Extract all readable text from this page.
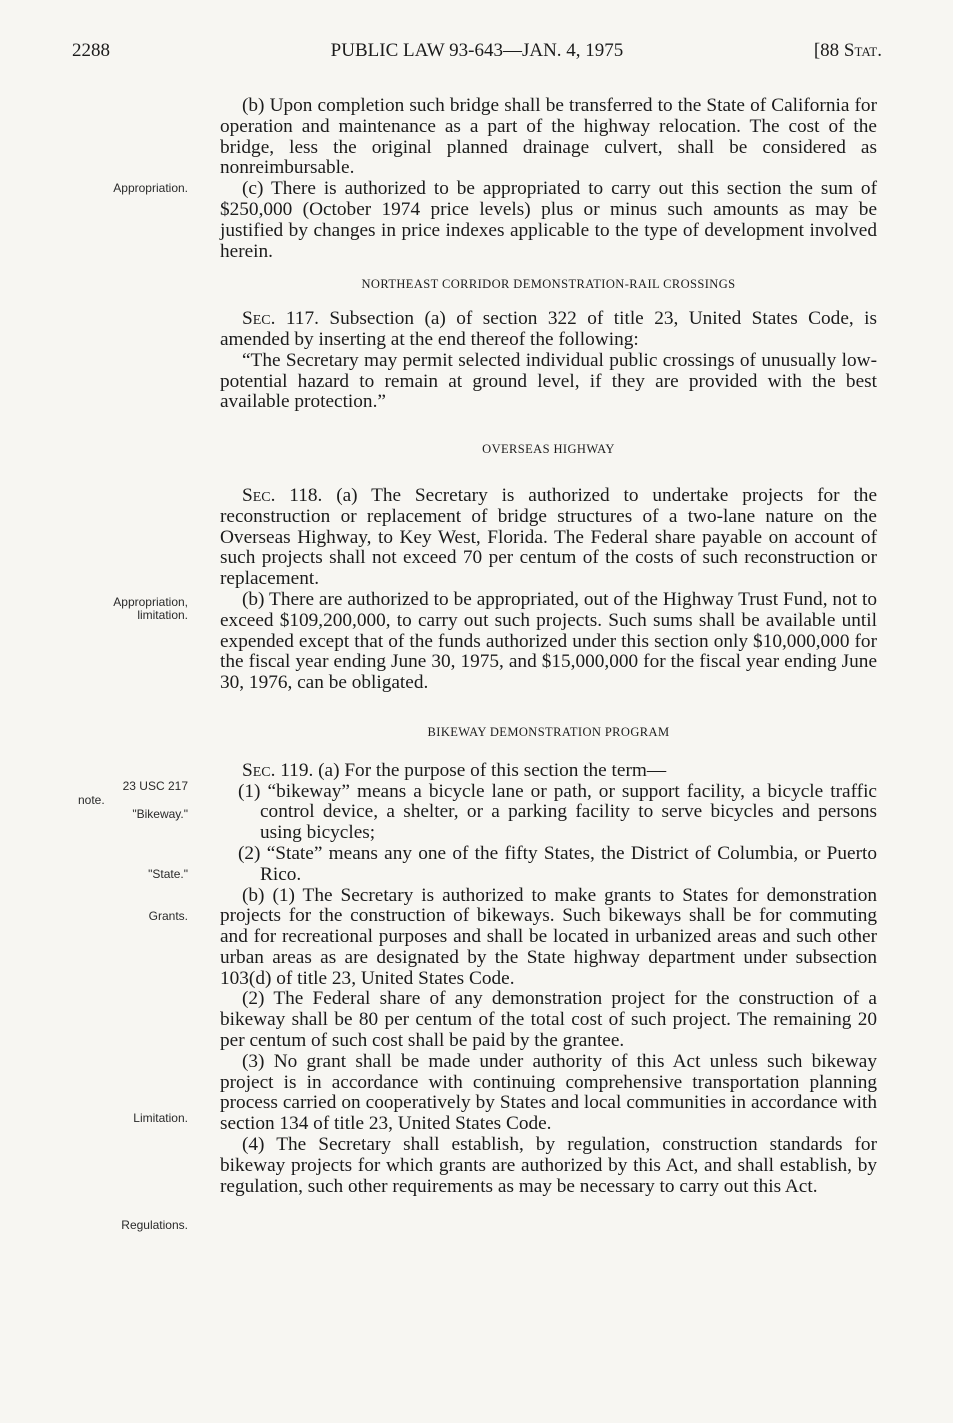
2288	PUBLIC LAW 93-643—JAN. 4, 1975	[88 Stat.
Appropriation.
Appropriation, limitation.
23 USC 217
note.
"Bikeway."
"State."
Grants.
Limitation.
Regulations.

(b) Upon completion such bridge shall be transferred to the State of California for operation and maintenance as a part of the highway relocation. The cost of the bridge, less the original planned drainage culvert, shall be considered as nonreimbursable.

(c) There is authorized to be appropriated to carry out this section the sum of $250,000 (October 1974 price levels) plus or minus such amounts as may be justified by changes in price indexes applicable to the type of development involved herein.

NORTHEAST CORRIDOR DEMONSTRATION-RAIL CROSSINGS

Sec. 117. Subsection (a) of section 322 of title 23, United States Code, is amended by inserting at the end thereof the following:

“The Secretary may permit selected individual public crossings of unusually low-potential hazard to remain at ground level, if they are provided with the best available protection.”

OVERSEAS HIGHWAY

Sec. 118. (a) The Secretary is authorized to undertake projects for the reconstruction or replacement of bridge structures of a two-lane nature on the Overseas Highway, to Key West, Florida. The Federal share payable on account of such projects shall not exceed 70 per centum of the costs of such reconstruction or replacement.

(b) There are authorized to be appropriated, out of the Highway Trust Fund, not to exceed $109,200,000, to carry out such projects. Such sums shall be available until expended except that of the funds authorized under this section only $10,000,000 for the fiscal year ending June 30, 1975, and $15,000,000 for the fiscal year ending June 30, 1976, can be obligated.

BIKEWAY DEMONSTRATION PROGRAM

Sec. 119. (a) For the purpose of this section the term—

(1) “bikeway” means a bicycle lane or path, or support facility, a bicycle traffic control device, a shelter, or a parking facility to serve bicycles and persons using bicycles;

(2) “State” means any one of the fifty States, the District of Columbia, or Puerto Rico.

(b) (1) The Secretary is authorized to make grants to States for demonstration projects for the construction of bikeways. Such bikeways shall be for commuting and for recreational purposes and shall be located in urbanized areas and such other urban areas as are designated by the State highway department under subsection 103(d) of title 23, United States Code.

(2) The Federal share of any demonstration project for the construction of a bikeway shall be 80 per centum of the total cost of such project. The remaining 20 per centum of such cost shall be paid by the grantee.

(3) No grant shall be made under authority of this Act unless such bikeway project is in accordance with continuing comprehensive transportation planning process carried on cooperatively by States and local communities in accordance with section 134 of title 23, United States Code.

(4) The Secretary shall establish, by regulation, construction standards for bikeway projects for which grants are authorized by this Act, and shall establish, by regulation, such other requirements as may be necessary to carry out this Act.
